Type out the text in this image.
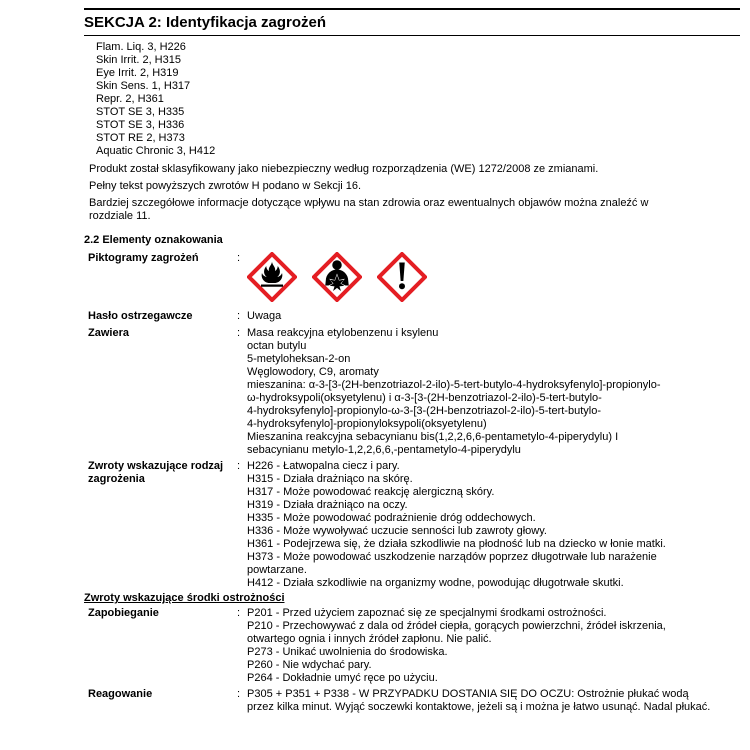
SEKCJA 2: Identyfikacja zagrożeń
Flam. Liq. 3, H226
Skin Irrit. 2, H315
Eye Irrit. 2, H319
Skin Sens. 1, H317
Repr. 2, H361
STOT SE 3, H335
STOT SE 3, H336
STOT RE 2, H373
Aquatic Chronic 3, H412

Produkt został sklasyfikowany jako niebezpieczny według rozporządzenia (WE) 1272/2008 ze zmianami.

Pełny tekst powyższych zwrotów H podano w Sekcji 16.

Bardziej szczegółowe informacje dotyczące wpływu na stan zdrowia oraz ewentualnych objawów można znaleźć w rozdziale 11.

2.2 Elementy oznakowania
Piktogramy zagrożeń	:
Hasło ostrzegawcze	: Uwaga
Zawiera	: Masa reakcyjna etylobenzenu i ksylenu
octan butylu
5-metyloheksan-2-on
Węglowodory, C9, aromaty
mieszanina: α-3-[3-(2H-benzotriazol-2-ilo)-5-tert-butylo-4-hydroksyfenylo]-propionylo-
ω-hydroksypoli(oksyetylenu) i α-3-[3-(2H-benzotriazol-2-ilo)-5-tert-butylo-
4-hydroksyfenylo]-propionylo-ω-3-[3-(2H-benzotriazol-2-ilo)-5-tert-butylo-
4-hydroksyfenylo]-propionyloksypoli(oksyetylenu)
Mieszanina reakcyjna sebacynianu bis(1,2,2,6,6-pentametylo-4-piperydylu) I
sebacynianu metylo-1,2,2,6,6,-pentametylo-4-piperydylu
Zwroty wskazujące rodzaj zagrożenia
: H226 - Łatwopalna ciecz i pary.
H315 - Działa drażniąco na skórę.
H317 - Może powodować reakcję alergiczną skóry.
H319 - Działa drażniąco na oczy.
H335 - Może powodować podrażnienie dróg oddechowych.
H336 - Może wywoływać uczucie senności lub zawroty głowy.
H361 - Podejrzewa się, że działa szkodliwie na płodność lub na dziecko w łonie matki.
H373 - Może powodować uszkodzenie narządów poprzez długotrwałe lub narażenie powtarzane.
H412 - Działa szkodliwie na organizmy wodne, powodując długotrwałe skutki.
Zwroty wskazujące środki ostrożności
Zapobieganie	: P201 - Przed użyciem zapoznać się ze specjalnymi środkami ostrożności.
P210 - Przechowywać z dala od źródeł ciepła, gorących powierzchni, źródeł iskrzenia, otwartego ognia i innych źródeł zapłonu. Nie palić.
P273 - Unikać uwolnienia do środowiska.
P260 - Nie wdychać pary.
P264 - Dokładnie umyć ręce po użyciu.
Reagowanie	: P305 + P351 + P338 - W PRZYPADKU DOSTANIA SIĘ DO OCZU: Ostrożnie płukać wodą przez kilka minut. Wyjąć soczewki kontaktowe, jeżeli są i można je łatwo usunąć. Nadal płukać.
